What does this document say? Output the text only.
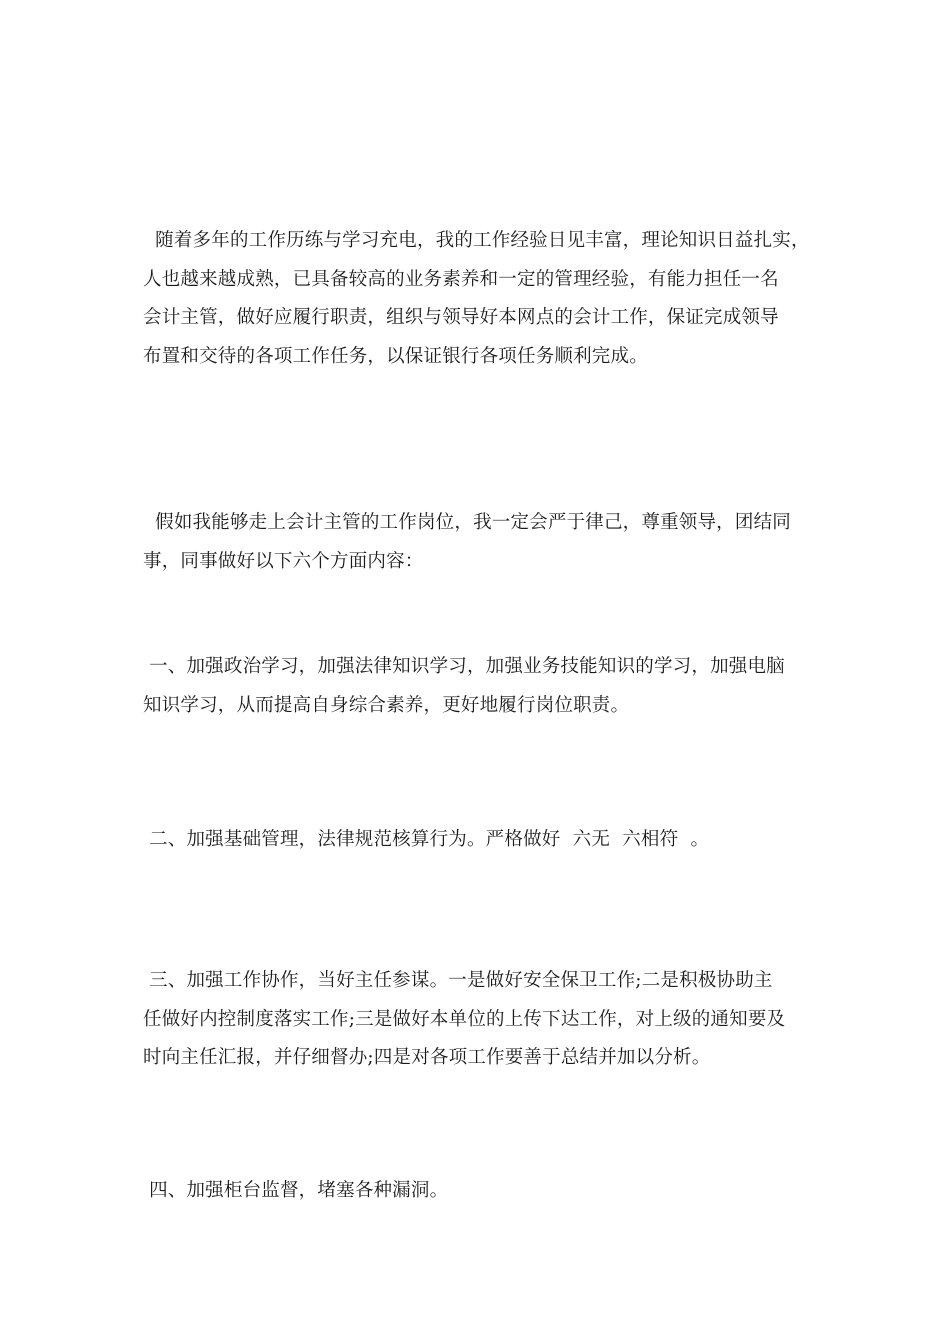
随着多年的工作历练与学习充电，我的工作经验日见丰富，理论知识日益扎实，
人也越来越成熟，已具备较高的业务素养和一定的管理经验，有能力担任一名
会计主管，做好应履行职责，组织与领导好本网点的会计工作，保证完成领导
布置和交待的各项工作任务，以保证银行各项任务顺利完成。

假如我能够走上会计主管的工作岗位，我一定会严于律己，尊重领导，团结同
事，同事做好以下六个方面内容：

一、加强政治学习，加强法律知识学习，加强业务技能知识的学习，加强电脑
知识学习，从而提高自身综合素养，更好地履行岗位职责。

二、加强基础管理，法律规范核算行为。严格做好  六无  六相符  。

三、加强工作协作，当好主任参谋。一是做好安全保卫工作;二是积极协助主
任做好内控制度落实工作;三是做好本单位的上传下达工作，对上级的通知要及
时向主任汇报，并仔细督办;四是对各项工作要善于总结并加以分析。

四、加强柜台监督，堵塞各种漏洞。
